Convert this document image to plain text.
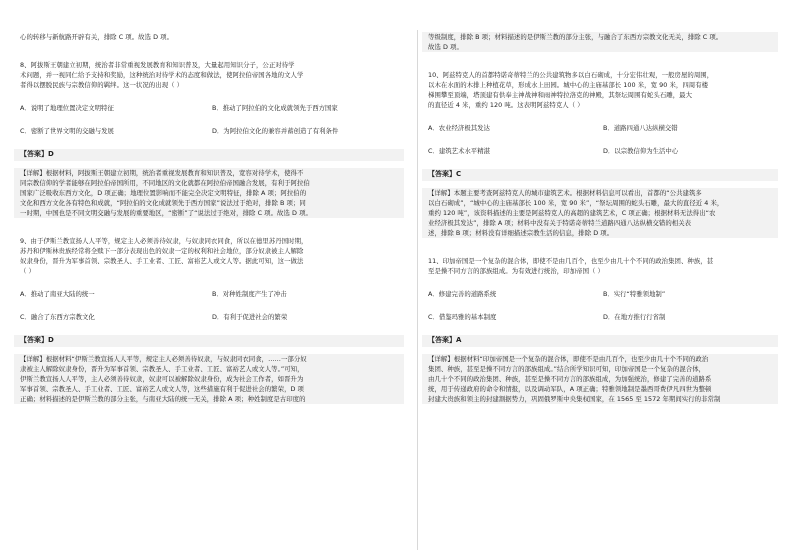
心的转移与新航路开辟有关，排除 C 项。故选 D 项。
8、阿拔斯王朝建立初期，统治者非常重视发展教育和知识普及，大量起用知识分子，公正对待学
术问题，并一视同仁给予支持和奖励，这种统治对待学术的态度和做法，使阿拉伯帝国各地的文人学
者得以摆脱民族与宗教信仰的羁绊。这一状况的出现（ ）
A．说明了地理位置决定文明特征	B．推动了阿拉伯的文化成就领先于西方国家
C．密断了世界文明的交融与发展	D．为阿拉伯文化的兼容并蓄创造了有利条件
【答案】D
【详解】根据材料，阿拔斯王朝建立初期，统治者重视发展教育和知识普及，宽容对待学术，使得不
同宗教信仰的学者能够在阿拉伯帝国所用，不同地区的文化就都在阿拉伯帝国融合发展，有利于阿拉伯
国家广泛吸收东西方文化，D 项正确；地理位置影响而不能完全决定文明特征，排除 A 项；阿拉伯的
文化和西方文化各有特色和成就，“阿拉伯的文化成就领先于西方国家”说法过于绝对，排除 B 项；同
一时期，中国也是不同文明交融与发展的重要地区，“密断”了“说法过于绝对，排除 C 项。故选 D 项。
9、由于伊斯兰教宣扬人人平等，规定主人必须善待奴隶，与奴隶同衣同食，所以在德里苏丹国时期，
苏丹和伊斯林贵族经常将全赎下一部分表现出色的奴隶一定的权利和社会地位，部分奴隶被主人解除
奴隶身份，晋升为军事首领、宗教圣人、手工业者、工匠、富裕艺人或文人等。据此可知，这一做法
（ ）
A．推动了南亚大陆的统一	B．对种姓制度产生了冲击
C．融合了东西方宗教文化	D．有利于促进社会的繁荣
【答案】D
【详解】根据材料“伊斯兰教宣扬人人平等，规定主人必须善待奴隶，与奴隶同衣同食，……一部分奴
隶被主人解除奴隶身份，晋升为军事首领、宗教圣人、手工业者、工匠、富裕艺人或文人等。”可知，
伊斯兰教宣扬人人平等，主人必须善待奴隶，奴隶可以被解除奴隶身份，成为社会工作者，如晋升为
军事首领、宗教圣人、手工业者、工匠、富裕艺人或文人等，这些措施有利于促进社会的繁荣，D 项
正确；材料描述的是伊斯兰教的部分主张，与南亚大陆的统一无关，排除 A 项；种姓制度是古印度的
等级制度，排除 B 项；材料描述的是伊斯兰教的部分主张，与融合了东西方宗教文化无关，排除 C 项。
故选 D 项。
10、阿兹特克人的首都特诺奇蒂特兰的公共建筑物多以白石砌成，十分宏伟壮观，一般房屋的周围，
以木在水面的木排上种植花草，形成水上田园。城中心的主庙基部长 100 米，宽 90 米，四周有楼
梯围攀至顶端，塔顶建有供奉主神战神和雨神特拉洛克的神殿，其祭坛周围有蛇头石雕，最大
的直径近 4 米，重约 120 吨。这表明阿兹特克人（ ）
A．农业经济极其发达	B．道路四通八达纵横交错
C．建筑艺术水平精湛	D．以宗教信仰为生活中心
【答案】C
【详解】本题主要考查阿兹特克人的城市建筑艺术。根据材料信息可以看出，首都的“公共建筑多
以白石砌成”，“城中心的主庙基部长 100 米，宽 90 米”，“祭坛周围的蛇头石雕，最大的直径近 4 米，
重约 120 吨”，该资料描述的主要是阿兹特克人的高超的建筑艺术，C 项正确；根据材料无法得出“农
业经济极其发达”，排除 A 项；材料中没有关于特诺奇蒂特兰道路四通八达纵横交错的相关表
述，排除 B 项；材料没有详细描述宗教生活的信息，排除 D 项。
11、印加帝国是一个复杂的混合体，即使不是由几百个，也至少由几十个不同的政治集团、种族，甚
至是操不同方言的部族组成。为有效进行统治，印加帝国（ ）
A．修建完善的道路系统	B．实行“特雅领地制”
C．借鉴玛雅的基本制度	D．在地方推行行省制
【答案】A
【详解】根据材料“印加帝国是一个复杂的混合体，即使不是由几百个，也至少由几十个不同的政治
集团、种族，甚至是操不同方言的部族组成。”结合所学知识可知，印加帝国是一个复杂的混合体，
由几十个不同的政治集团、种族，甚至是操不同方言的部族组成，为加强统治，修建了完善的道路系
统，用于传递政府的命令和情报，以及调动军队，A 项正确；特雅领地制是墨西哥费伊凡四世为整顿
封建大贵族和领主的封建割据势力，巩固俄罗斯中央集权国家，在 1565 至 1572 年期间实行的非常制
